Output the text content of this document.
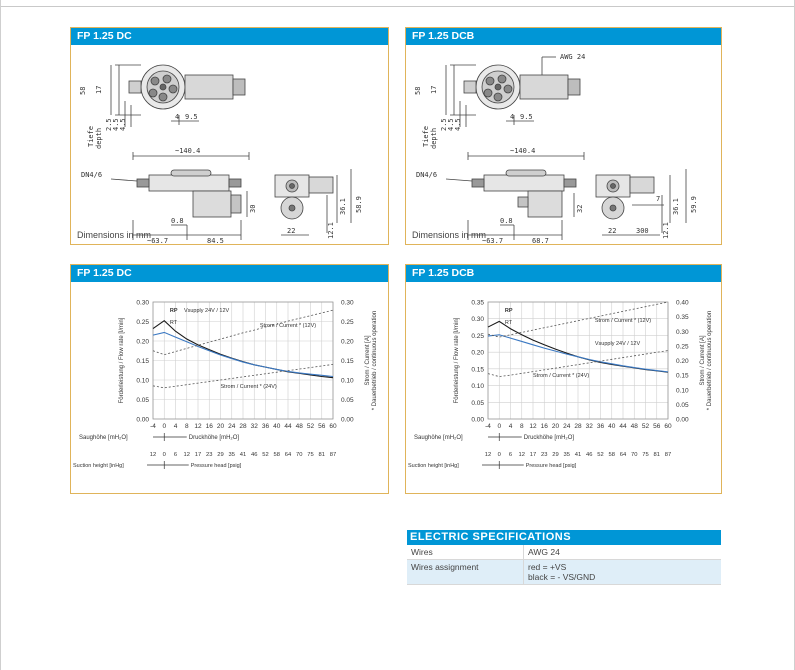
FP 1.25 DC
58 17
Tiefe depth
2.5 4.5 4.5
4 9.5
~140.4
DN4/6
0.8
~63.7	84.5
30
22
36.1 58.9
12.1
Dimensions in mm
FP 1.25 DCB
AWG 24
58 17
Tiefe depth
2.5 4.5 4.5
4 9.5
~140.4
DN4/6
0.8
~63.7	68.7
32
22	300
7 36.1 59.9
12.1
Dimensions in mm
FP 1.25 DC
0.00
0.05
0.10
0.15
0.20
0.25
0.30
0.00
0.05
0.10
0.15
0.20
0.25
0.30
-4 0 4 8 12 16 20 24 28 32 36 40 44 48 52 56 60
12 0 6 12 17 23 29 35 41 46 52 58 64 70 75 81 87
Saughöhe [mH₂O]	Druckhöhe [mH₂O]
Suction height [inHg]	Pressure head [psig]
Förderleistung / Flow rate [l/min]	Strom / Current [A] * Dauerbetrieb / continuous operation
RP
RT
Vsupply 24V / 12V
Strom / Current * (12V)
Strom / Current * (24V)
FP 1.25 DCB
0.00
0.05
0.10
0.15
0.20
0.25
0.30
0.35
0.00
0.05
0.10
0.15
0.20
0.25
0.30
0.35
0.40
-4 0 4 8 12 16 20 24 28 32 36 40 44 48 52 56 60
12 0 6 12 17 23 29 35 41 46 52 58 64 70 75 81 87
Saughöhe [mH₂O]	Druckhöhe [mH₂O]
Suction height [inHg]	Pressure head [psig]
Förderleistung / Flow rate [l/min]	Strom / Current [A] * Dauerbetrieb / continuous operation
RP
RT
Vsupply 24V / 12V
Strom / Current * (12V)
Strom / Current * (24V)
ELECTRIC SPECIFICATIONS
Wires	AWG 24
Wires assignment	red = +VS
black = - VS/GND
